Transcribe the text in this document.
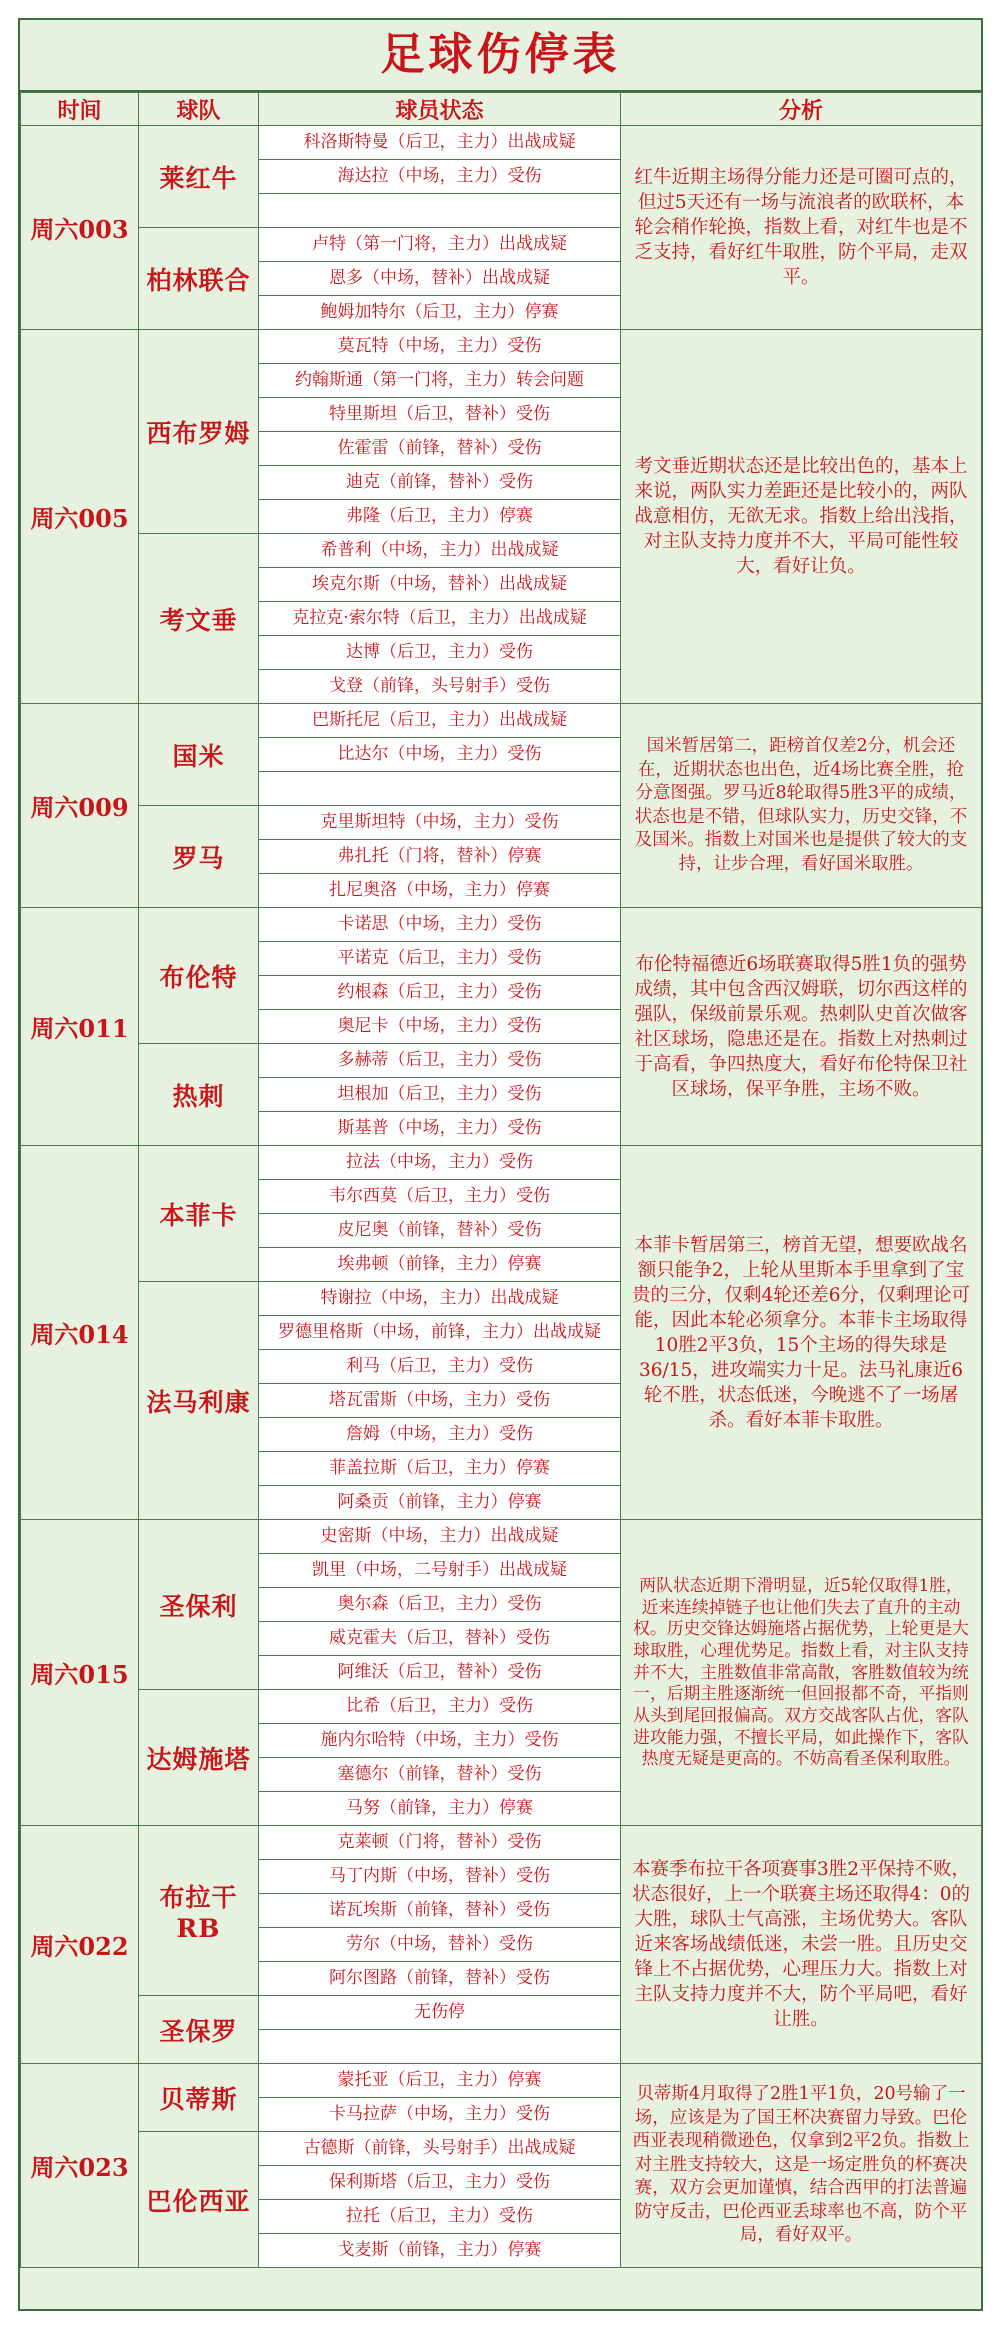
足球伤停表
时间	球队	球员状态	分析
周六003	莱红牛	科洛斯特曼（后卫，主力）出战成疑	红牛近期主场得分能力还是可圈可点的，但过5天还有一场与流浪者的欧联杯，本轮会稍作轮换，指数上看，对红牛也是不乏支持，看好红牛取胜，防个平局，走双平。
		海达拉（中场，主力）受伤	

	柏林联合	卢特（第一门将，主力）出战成疑	
		恩多（中场，替补）出战成疑	
		鲍姆加特尔（后卫，主力）停赛	
周六005	西布罗姆	莫瓦特（中场，主力）受伤	考文垂近期状态还是比较出色的，基本上来说，两队实力差距还是比较小的，两队战意相仿，无欲无求。指数上给出浅指，对主队支持力度并不大，平局可能性较大，看好让负。
		约翰斯通（第一门将，主力）转会问题	
		特里斯坦（后卫，替补）受伤	
		佐霍雷（前锋，替补）受伤	
		迪克（前锋，替补）受伤	
		弗隆（后卫，主力）停赛	
	考文垂	希普利（中场，主力）出战成疑	
		埃克尔斯（中场，替补）出战成疑	
		克拉克·索尔特（后卫，主力）出战成疑	
		达博（后卫，主力）受伤	
		戈登（前锋，头号射手）受伤	
周六009	国米	巴斯托尼（后卫，主力）出战成疑	国米暂居第二，距榜首仅差2分，机会还在，近期状态也出色，近4场比赛全胜，抢分意图强。罗马近8轮取得5胜3平的成绩，状态也是不错，但球队实力，历史交锋，不及国米。指数上对国米也是提供了较大的支持，让步合理，看好国米取胜。
		比达尔（中场，主力）受伤	

	罗马	克里斯坦特（中场，主力）受伤	
		弗扎托（门将，替补）停赛	
		扎尼奥洛（中场，主力）停赛	
周六011	布伦特	卡诺思（中场，主力）受伤	布伦特福德近6场联赛取得5胜1负的强势成绩，其中包含西汉姆联，切尔西这样的强队，保级前景乐观。热刺队史首次做客社区球场，隐患还是在。指数上对热刺过于高看，争四热度大，看好布伦特保卫社区球场，保平争胜，主场不败。
		平诺克（后卫，主力）受伤	
		约根森（后卫，主力）受伤	
		奥尼卡（中场，主力）受伤	
	热刺	多赫蒂（后卫，主力）受伤	
		坦根加（后卫，主力）受伤	
		斯基普（中场，主力）受伤	
周六014	本菲卡	拉法（中场，主力）受伤	本菲卡暂居第三，榜首无望，想要欧战名额只能争2，上轮从里斯本手里拿到了宝贵的三分，仅剩4轮还差6分，仅剩理论可能，因此本轮必须拿分。本菲卡主场取得10胜2平3负，15个主场的得失球是36/15，进攻端实力十足。法马礼康近6轮不胜，状态低迷，今晚逃不了一场屠杀。看好本菲卡取胜。
		韦尔西莫（后卫，主力）受伤	
		皮尼奥（前锋，替补）受伤	
		埃弗顿（前锋，主力）停赛	
	法马利康	特谢拉（中场，主力）出战成疑	
		罗德里格斯（中场，前锋，主力）出战成疑	
		利马（后卫，主力）受伤	
		塔瓦雷斯（中场，主力）受伤	
		詹姆（中场，主力）受伤	
		菲盖拉斯（后卫，主力）停赛	
		阿桑贡（前锋，主力）停赛	
周六015	圣保利	史密斯（中场，主力）出战成疑	两队状态近期下滑明显，近5轮仅取得1胜，近来连续掉链子也让他们失去了直升的主动权。历史交锋达姆施塔占据优势，上轮更是大球取胜，心理优势足。指数上看，对主队支持并不大，主胜数值非常高散，客胜数值较为统一，后期主胜逐渐统一但回报都不奇，平指则从头到尾回报偏高。双方交战客队占优，客队进攻能力强，不擅长平局，如此操作下，客队热度无疑是更高的。不妨高看圣保利取胜。
		凯里（中场，二号射手）出战成疑	
		奥尔森（后卫，主力）受伤	
		威克霍夫（后卫，替补）受伤	
		阿维沃（后卫，替补）受伤	
	达姆施塔	比希（后卫，主力）受伤	
		施内尔哈特（中场，主力）受伤	
		塞德尔（前锋，替补）受伤	
		马努（前锋，主力）停赛	
周六022	布拉干RB	克莱顿（门将，替补）受伤	本赛季布拉干各项赛事3胜2平保持不败，状态很好，上一个联赛主场还取得4：0的大胜，球队士气高涨，主场优势大。客队近来客场战绩低迷，未尝一胜。且历史交锋上不占据优势，心理压力大。指数上对主队支持力度并不大，防个平局吧，看好让胜。
		马丁内斯（中场，替补）受伤	
		诺瓦埃斯（前锋，替补）受伤	
		劳尔（中场，替补）受伤	
		阿尔图路（前锋，替补）受伤	
	圣保罗	无伤停	

周六023	贝蒂斯	蒙托亚（后卫，主力）停赛	贝蒂斯4月取得了2胜1平1负，20号输了一场，应该是为了国王杯决赛留力导致。巴伦西亚表现稍微逊色，仅拿到2平2负。指数上对主胜支持较大，这是一场定胜负的杯赛决赛，双方会更加谨慎，结合西甲的打法普遍防守反击，巴伦西亚丢球率也不高，防个平局，看好双平。
		卡马拉萨（中场，主力）受伤	
	巴伦西亚	古德斯（前锋，头号射手）出战成疑	
		保利斯塔（后卫，主力）受伤	
		拉托（后卫，主力）受伤	
		戈麦斯（前锋，主力）停赛	
